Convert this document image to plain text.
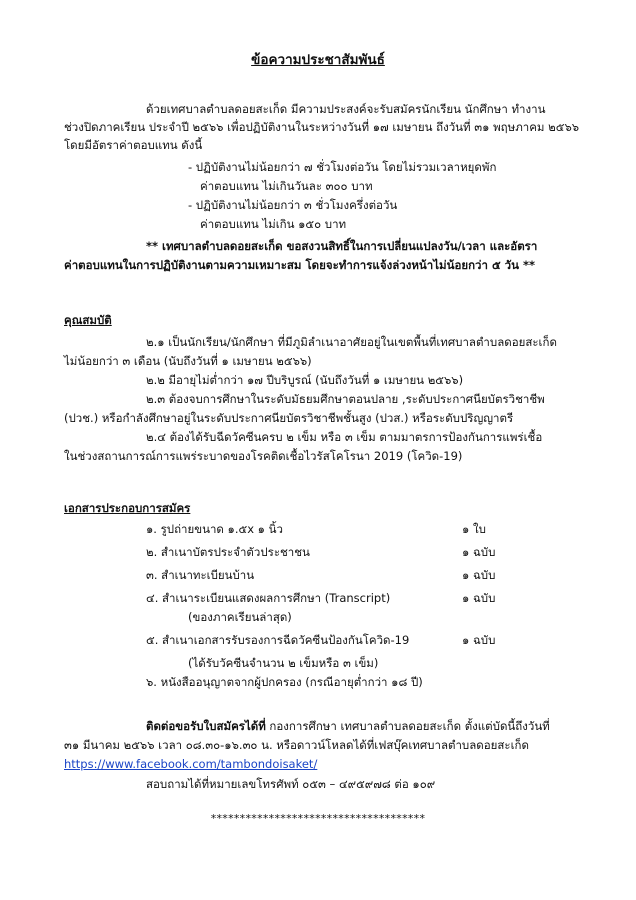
ข้อความประชาสัมพันธ์
ด้วยเทศบาลตำบลดอยสะเก็ด มีความประสงค์จะรับสมัครนักเรียน นักศึกษา ทำงาน
ช่วงปิดภาคเรียน ประจำปี ๒๕๖๖ เพื่อปฏิบัติงานในระหว่างวันที่ ๑๗ เมษายน ถึงวันที่ ๓๑ พฤษภาคม ๒๕๖๖
โดยมีอัตราค่าตอบแทน ดังนี้
- ปฏิบัติงานไม่น้อยกว่า ๗ ชั่วโมงต่อวัน โดยไม่รวมเวลาหยุดพัก
ค่าตอบแทน ไม่เกินวันละ ๓๐๐ บาท
- ปฏิบัติงานไม่น้อยกว่า ๓ ชั่วโมงครึ่งต่อวัน
ค่าตอบแทน ไม่เกิน ๑๕๐ บาท
** เทศบาลตำบลดอยสะเก็ด ขอสงวนสิทธิ์ในการเปลี่ยนแปลงวัน/เวลา และอัตรา
ค่าตอบแทนในการปฏิบัติงานตามความเหมาะสม โดยจะทำการแจ้งล่วงหน้าไม่น้อยกว่า ๕ วัน **
คุณสมบัติ
๒.๑ เป็นนักเรียน/นักศึกษา ที่มีภูมิลำเนาอาศัยอยู่ในเขตพื้นที่เทศบาลตำบลดอยสะเก็ด
ไม่น้อยกว่า ๓ เดือน (นับถึงวันที่ ๑ เมษายน ๒๕๖๖)
๒.๒ มีอายุไม่ต่ำกว่า ๑๗ ปีบริบูรณ์ (นับถึงวันที่ ๑ เมษายน ๒๕๖๖)
๒.๓ ต้องจบการศึกษาในระดับมัธยมศึกษาตอนปลาย ,ระดับประกาศนียบัตรวิชาชีพ
(ปวช.) หรือกำลังศึกษาอยู่ในระดับประกาศนียบัตรวิชาชีพชั้นสูง (ปวส.) หรือระดับปริญญาตรี
๒.๔ ต้องได้รับฉีดวัคซีนครบ ๒ เข็ม หรือ ๓ เข็ม ตามมาตรการป้องกันการแพร่เชื้อ
ในช่วงสถานการณ์การแพร่ระบาดของโรคติดเชื้อไวรัสโคโรนา 2019 (โควิด-19)
เอกสารประกอบการสมัคร
๑. รูปถ่ายขนาด ๑.๕x ๑ นิ้ว	๑ ใบ
๒. สำเนาบัตรประจำตัวประชาชน	๑ ฉบับ
๓. สำเนาทะเบียนบ้าน	๑ ฉบับ
๔. สำเนาระเบียนแสดงผลการศึกษา (Transcript)	๑ ฉบับ
(ของภาคเรียนล่าสุด)
๕. สำเนาเอกสารรับรองการฉีดวัคซีนป้องกันโควิด-19	๑ ฉบับ
(ได้รับวัคซีนจำนวน ๒ เข็มหรือ ๓ เข็ม)
๖. หนังสืออนุญาตจากผู้ปกครอง (กรณีอายุต่ำกว่า ๑๘ ปี)
ติดต่อขอรับใบสมัครได้ที่ กองการศึกษา เทศบาลตำบลดอยสะเก็ด ตั้งแต่บัดนี้ถึงวันที่
๓๑ มีนาคม ๒๕๖๖ เวลา ๐๘.๓๐-๑๖.๓๐ น. หรือดาวน์โหลดได้ที่เฟสบุ๊คเทศบาลตำบลดอยสะเก็ด
https://www.facebook.com/tambondoisaket/
สอบถามได้ที่หมายเลขโทรศัพท์ ๐๕๓ – ๔๙๕๙๗๘ ต่อ ๑๐๙
*************************************
